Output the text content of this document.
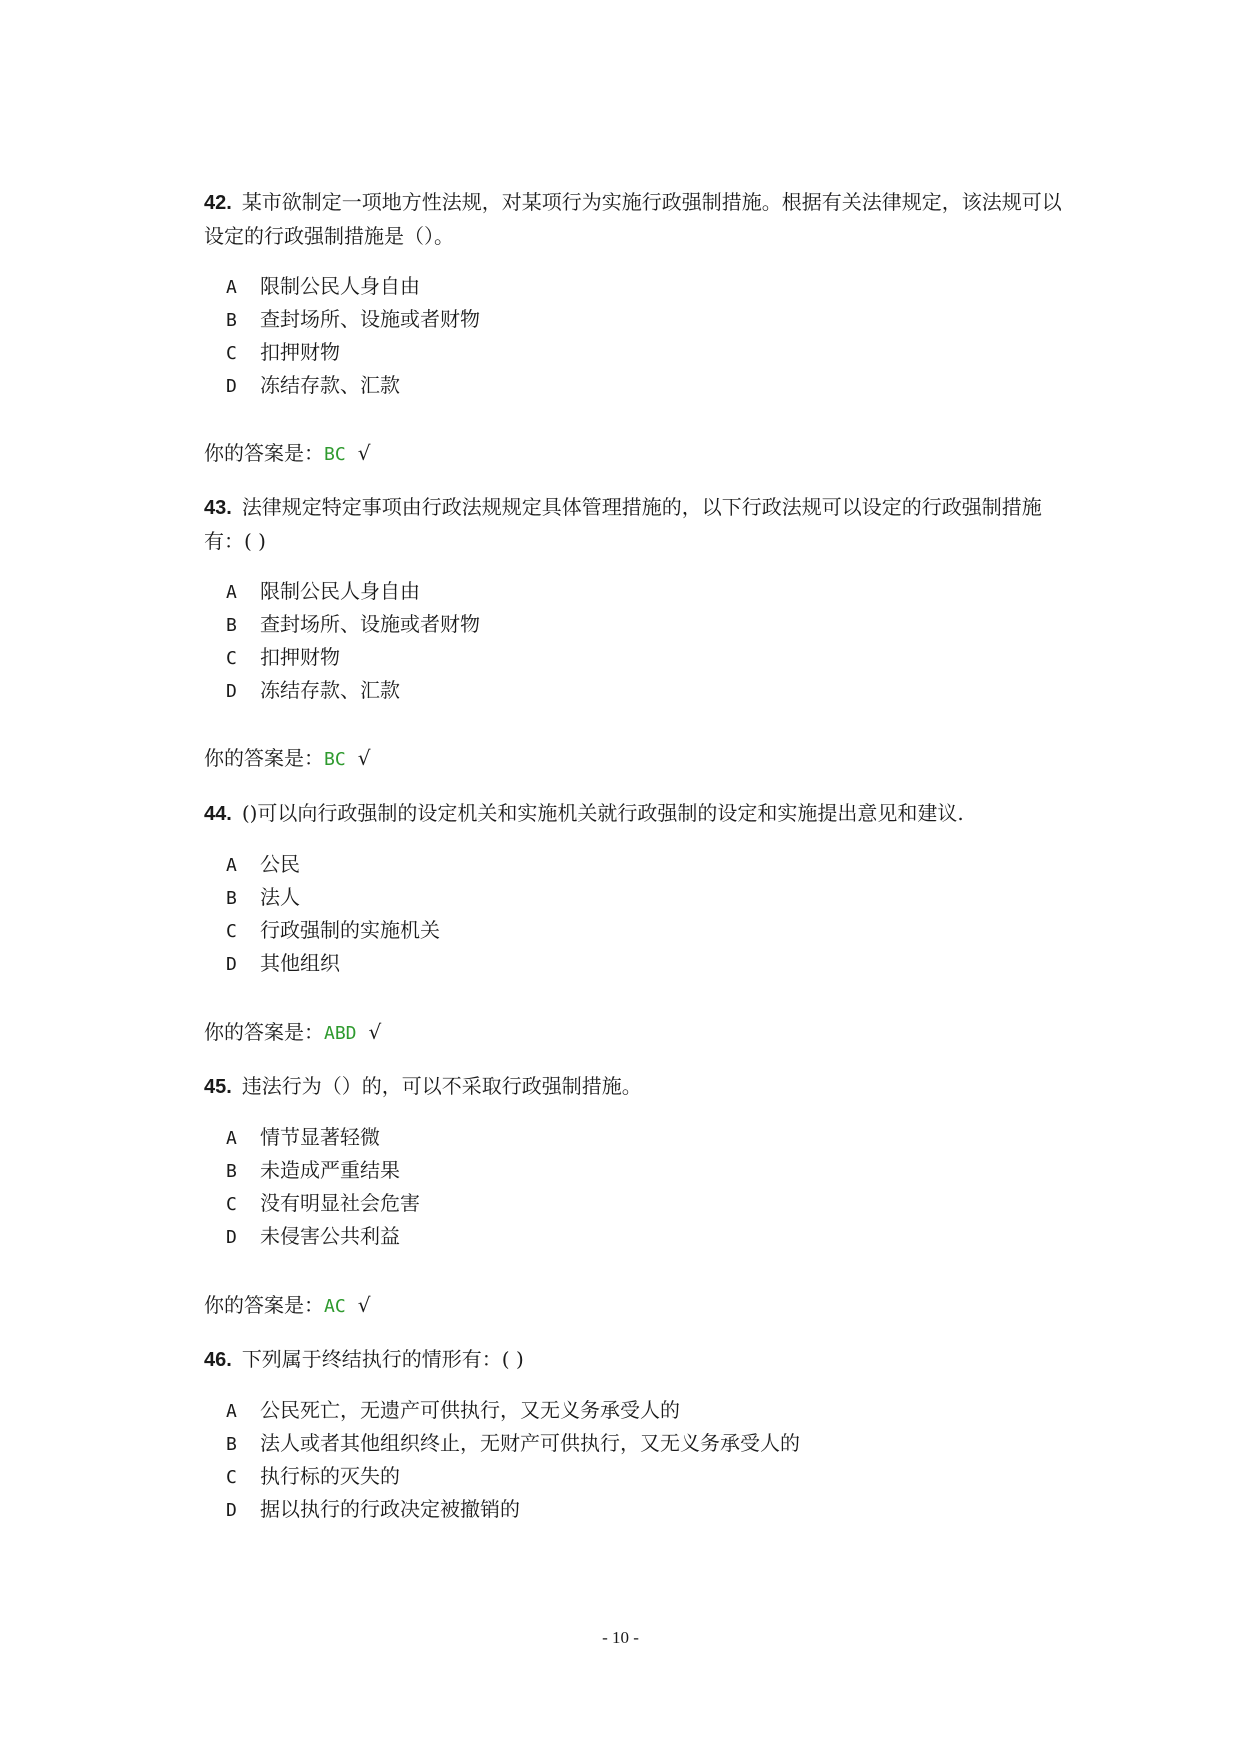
42. 某市欲制定一项地方性法规，对某项行为实施行政强制措施。根据有关法律规定，该法规可以设定的行政强制措施是（）。

A 限制公民人身自由
B 查封场所、设施或者财物
C 扣押财物
D 冻结存款、汇款
你的答案是：BC √

43. 法律规定特定事项由行政法规规定具体管理措施的，以下行政法规可以设定的行政强制措施有：( )

A 限制公民人身自由
B 查封场所、设施或者财物
C 扣押财物
D 冻结存款、汇款
你的答案是：BC √

44. ()可以向行政强制的设定机关和实施机关就行政强制的设定和实施提出意见和建议.

A 公民
B 法人
C 行政强制的实施机关
D 其他组织
你的答案是：ABD √

45. 违法行为（）的，可以不采取行政强制措施。

A 情节显著轻微
B 未造成严重结果
C 没有明显社会危害
D 未侵害公共利益
你的答案是：AC √

46. 下列属于终结执行的情形有：( )

A 公民死亡，无遗产可供执行，又无义务承受人的
B 法人或者其他组织终止，无财产可供执行，又无义务承受人的
C 执行标的灭失的
D 据以执行的行政决定被撤销的
- 10 -
